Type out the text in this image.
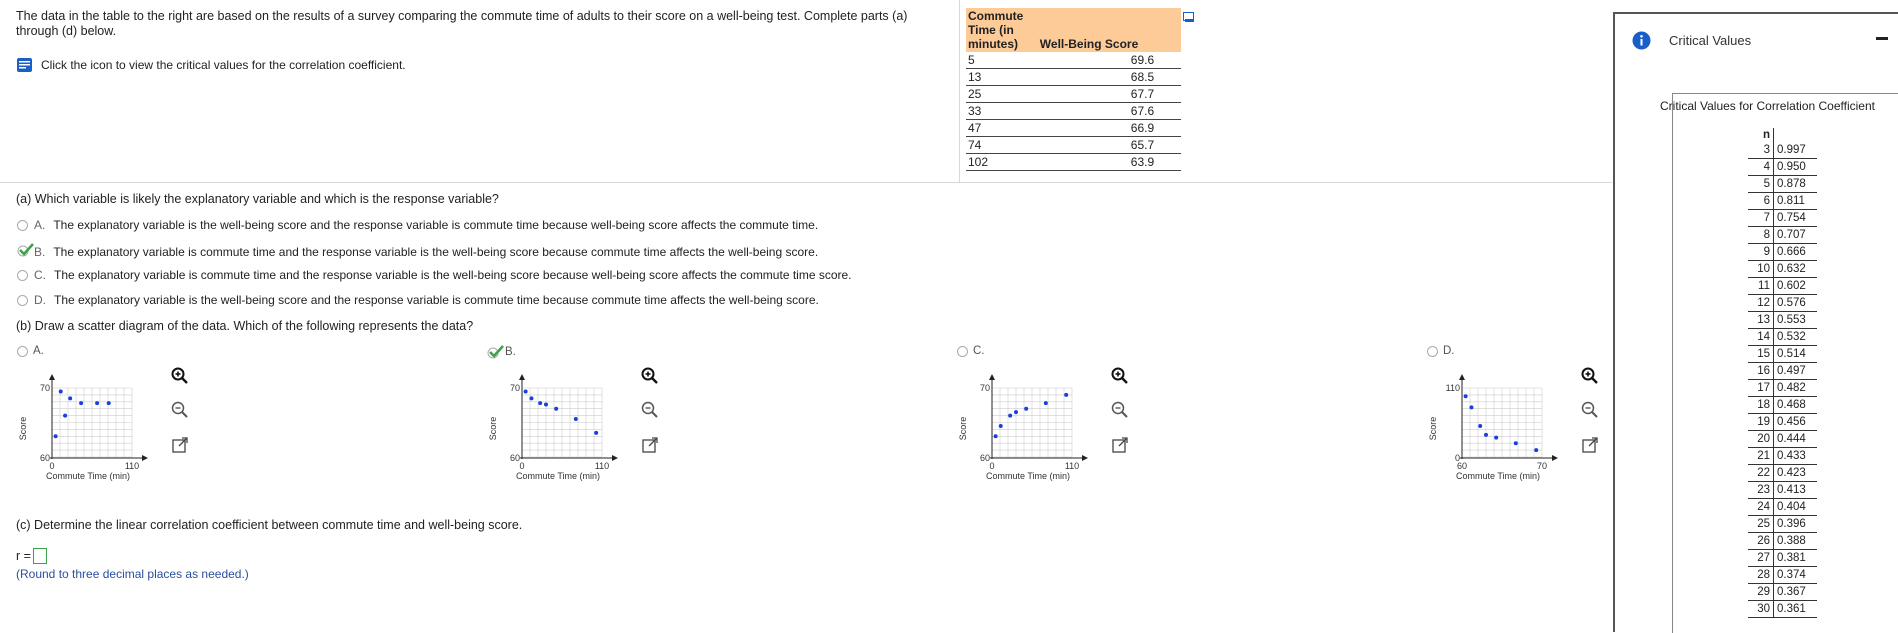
The data in the table to the right are based on the results of a survey comparing the commute time of adults to their score on a well-being test. Complete parts (a) through (d) below.
Click the icon to view the critical values for the correlation coefficient.
Commute
Time (in
minutes)	Well-Being Score
5	69.6
13	68.5
25	67.7
33	67.6
47	66.9
74	65.7
102	63.9
(a) Which variable is likely the explanatory variable and which is the response variable?
A. The explanatory variable is the well-being score and the response variable is commute time because well-being score affects the commute time.
B. The explanatory variable is commute time and the response variable is the well-being score because commute time affects the well-being score.
C. The explanatory variable is commute time and the response variable is the well-being score because well-being score affects the commute time score.
D. The explanatory variable is the well-being score and the response variable is commute time because commute time affects the well-being score.
(b) Draw a scatter diagram of the data. Which of the following represents the data?
A.
70
60
0	110
Commute Time (min)
Score
B.
70
60
0	110
Commute Time (min)
Score
C.
70
60
0	110
Commute Time (min)
Score
D.
110
0
60	70
Commute Time (min)
Score
(c) Determine the linear correlation coefficient between commute time and well-being score.
r =
(Round to three decimal places as needed.)
Critical Values
Critical Values for Correlation Coefficient
n	
3	0.997
4	0.950
5	0.878
6	0.811
7	0.754
8	0.707
9	0.666
10	0.632
11	0.602
12	0.576
13	0.553
14	0.532
15	0.514
16	0.497
17	0.482
18	0.468
19	0.456
20	0.444
21	0.433
22	0.423
23	0.413
24	0.404
25	0.396
26	0.388
27	0.381
28	0.374
29	0.367
30	0.361
